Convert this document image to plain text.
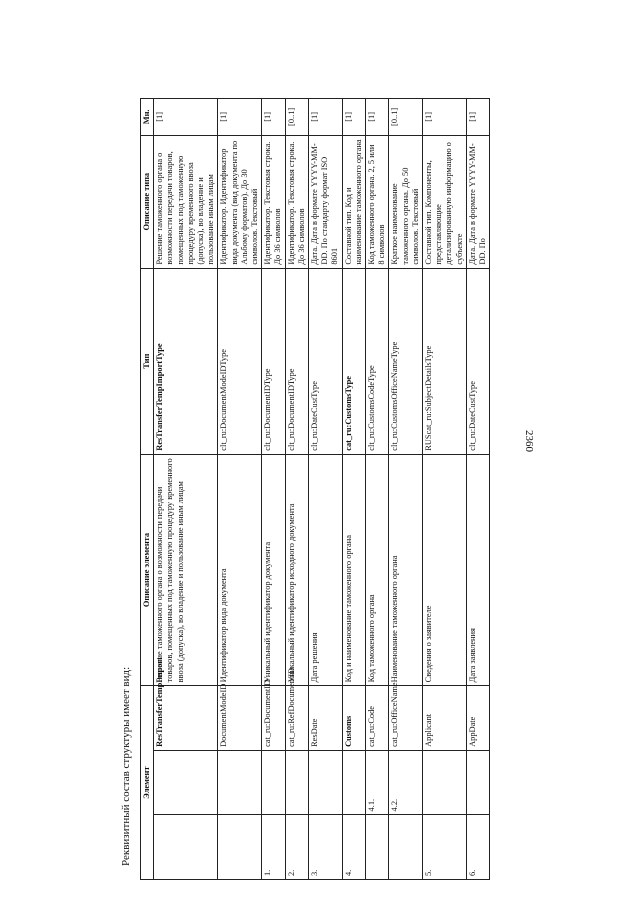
2360
Реквизитный состав структуры имеет вид: Элемент			Описание элемента	Тип	Описание типа	Мн.
		ResTransferTempImport	Решение таможенного органа о возможности передачи товаров, помещенных под таможенную процедуру временного ввоза (допуска), во владение и пользование иным лицам	ResTransferTempImportType	Решение таможенного органа о возможности передачи товаров, помещенных под таможенную процедуру временного ввоза (допуска), во владение и пользование иным лицам	[1]
		DocumentModeID	Идентификатор вида документа	clt_ru:DocumentModeIDType	Идентификатор. Идентификатор вида документа (вид документа по Альбому форматов). До 30 символов. Текстовый	[1]
1.		cat_ru:DocumentID	Уникальный идентификатор документа	clt_ru:DocumentIDType	Идентификатор. Текстовая строка. До 36 символов	[1]
2.		cat_ru:RefDocumentID	Уникальный идентификатор исходного документа	clt_ru:DocumentIDType	Идентификатор. Текстовая строка. До 36 символов	[0..1]
3.		ResDate	Дата решения	clt_ru:DateCustType	Дата. Дата в формате YYYY-MM-DD. По стандарту формат ISO 8601	[1]
4.		Customs	Код и наименование таможенного органа	cat_ru:CustomsType	Составной тип. Код и наименование таможенного органа	[1]
	4.1.	cat_ru:Code	Код таможенного органа	clt_ru:CustomsCodeType	Код таможенного органа. 2, 5 или 8 символов	[1]
	4.2.	cat_ru:OfficeName	Наименование таможенного органа	clt_ru:CustomsOfficeNameType	Краткое наименование таможенного органа. До 50 символов. Текстовый	[0..1]
5.		Applicant	Сведения о заявителе	RUScat_ru:SubjectDetailsType	Составной тип. Компоненты, представляющие детализированную информацию о субъекте	[1]
6.		AppDate	Дата заявления	clt_ru:DateCustType	Дата. Дата в формате YYYY-MM-DD. По	[1]
